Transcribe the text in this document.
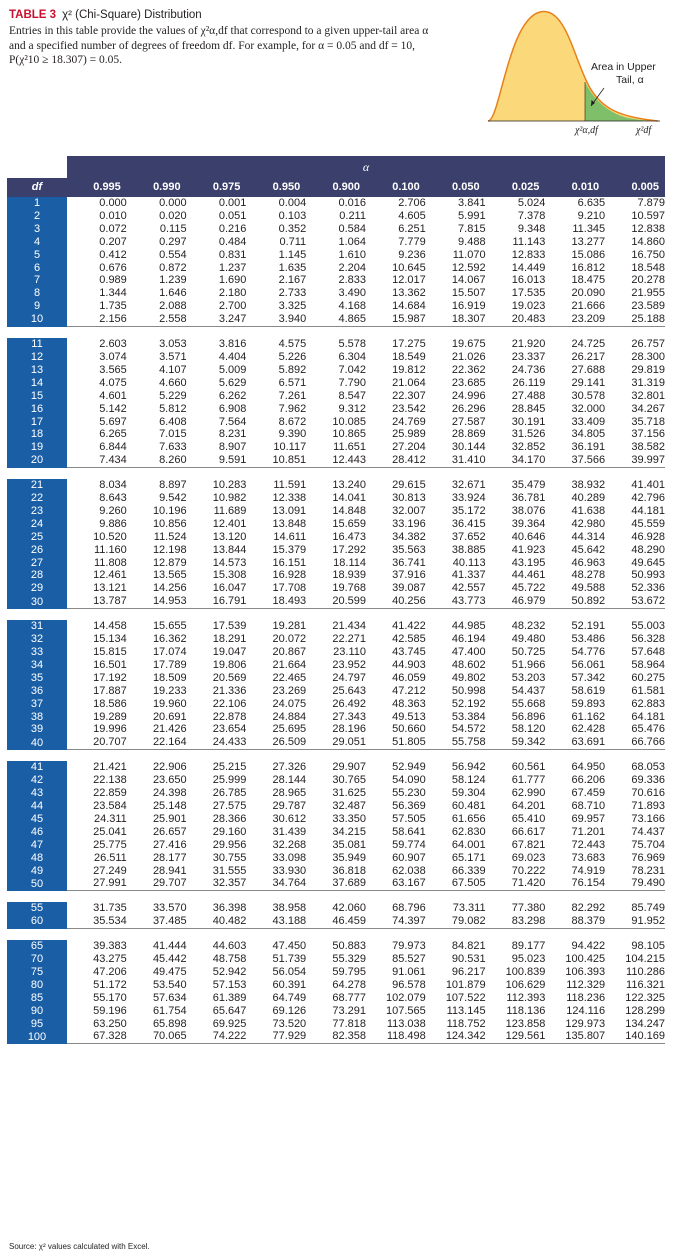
TABLE 3 χ² (Chi-Square) Distribution
Entries in this table provide the values of χ²α,df that correspond to a given upper-tail area α and a specified number of degrees of freedom df. For example, for α = 0.05 and df = 10, P(χ²10 ≥ 18.307) = 0.05.
Area in Upper
Tail, α
χ²α,df	χ²df
	α									
df	0.995	0.990	0.975	0.950	0.900	0.100	0.050	0.025	0.010	0.005
1	0.000	0.000	0.001	0.004	0.016	2.706	3.841	5.024	6.635	7.879
2	0.010	0.020	0.051	0.103	0.211	4.605	5.991	7.378	9.210	10.597
3	0.072	0.115	0.216	0.352	0.584	6.251	7.815	9.348	11.345	12.838
4	0.207	0.297	0.484	0.711	1.064	7.779	9.488	11.143	13.277	14.860
5	0.412	0.554	0.831	1.145	1.610	9.236	11.070	12.833	15.086	16.750
6	0.676	0.872	1.237	1.635	2.204	10.645	12.592	14.449	16.812	18.548
7	0.989	1.239	1.690	2.167	2.833	12.017	14.067	16.013	18.475	20.278
8	1.344	1.646	2.180	2.733	3.490	13.362	15.507	17.535	20.090	21.955
9	1.735	2.088	2.700	3.325	4.168	14.684	16.919	19.023	21.666	23.589
10	2.156	2.558	3.247	3.940	4.865	15.987	18.307	20.483	23.209	25.188

11	2.603	3.053	3.816	4.575	5.578	17.275	19.675	21.920	24.725	26.757
12	3.074	3.571	4.404	5.226	6.304	18.549	21.026	23.337	26.217	28.300
13	3.565	4.107	5.009	5.892	7.042	19.812	22.362	24.736	27.688	29.819
14	4.075	4.660	5.629	6.571	7.790	21.064	23.685	26.119	29.141	31.319
15	4.601	5.229	6.262	7.261	8.547	22.307	24.996	27.488	30.578	32.801
16	5.142	5.812	6.908	7.962	9.312	23.542	26.296	28.845	32.000	34.267
17	5.697	6.408	7.564	8.672	10.085	24.769	27.587	30.191	33.409	35.718
18	6.265	7.015	8.231	9.390	10.865	25.989	28.869	31.526	34.805	37.156
19	6.844	7.633	8.907	10.117	11.651	27.204	30.144	32.852	36.191	38.582
20	7.434	8.260	9.591	10.851	12.443	28.412	31.410	34.170	37.566	39.997

21	8.034	8.897	10.283	11.591	13.240	29.615	32.671	35.479	38.932	41.401
22	8.643	9.542	10.982	12.338	14.041	30.813	33.924	36.781	40.289	42.796
23	9.260	10.196	11.689	13.091	14.848	32.007	35.172	38.076	41.638	44.181
24	9.886	10.856	12.401	13.848	15.659	33.196	36.415	39.364	42.980	45.559
25	10.520	11.524	13.120	14.611	16.473	34.382	37.652	40.646	44.314	46.928
26	11.160	12.198	13.844	15.379	17.292	35.563	38.885	41.923	45.642	48.290
27	11.808	12.879	14.573	16.151	18.114	36.741	40.113	43.195	46.963	49.645
28	12.461	13.565	15.308	16.928	18.939	37.916	41.337	44.461	48.278	50.993
29	13.121	14.256	16.047	17.708	19.768	39.087	42.557	45.722	49.588	52.336
30	13.787	14.953	16.791	18.493	20.599	40.256	43.773	46.979	50.892	53.672

31	14.458	15.655	17.539	19.281	21.434	41.422	44.985	48.232	52.191	55.003
32	15.134	16.362	18.291	20.072	22.271	42.585	46.194	49.480	53.486	56.328
33	15.815	17.074	19.047	20.867	23.110	43.745	47.400	50.725	54.776	57.648
34	16.501	17.789	19.806	21.664	23.952	44.903	48.602	51.966	56.061	58.964
35	17.192	18.509	20.569	22.465	24.797	46.059	49.802	53.203	57.342	60.275
36	17.887	19.233	21.336	23.269	25.643	47.212	50.998	54.437	58.619	61.581
37	18.586	19.960	22.106	24.075	26.492	48.363	52.192	55.668	59.893	62.883
38	19.289	20.691	22.878	24.884	27.343	49.513	53.384	56.896	61.162	64.181
39	19.996	21.426	23.654	25.695	28.196	50.660	54.572	58.120	62.428	65.476
40	20.707	22.164	24.433	26.509	29.051	51.805	55.758	59.342	63.691	66.766

41	21.421	22.906	25.215	27.326	29.907	52.949	56.942	60.561	64.950	68.053
42	22.138	23.650	25.999	28.144	30.765	54.090	58.124	61.777	66.206	69.336
43	22.859	24.398	26.785	28.965	31.625	55.230	59.304	62.990	67.459	70.616
44	23.584	25.148	27.575	29.787	32.487	56.369	60.481	64.201	68.710	71.893
45	24.311	25.901	28.366	30.612	33.350	57.505	61.656	65.410	69.957	73.166
46	25.041	26.657	29.160	31.439	34.215	58.641	62.830	66.617	71.201	74.437
47	25.775	27.416	29.956	32.268	35.081	59.774	64.001	67.821	72.443	75.704
48	26.511	28.177	30.755	33.098	35.949	60.907	65.171	69.023	73.683	76.969
49	27.249	28.941	31.555	33.930	36.818	62.038	66.339	70.222	74.919	78.231
50	27.991	29.707	32.357	34.764	37.689	63.167	67.505	71.420	76.154	79.490

55	31.735	33.570	36.398	38.958	42.060	68.796	73.311	77.380	82.292	85.749
60	35.534	37.485	40.482	43.188	46.459	74.397	79.082	83.298	88.379	91.952

65	39.383	41.444	44.603	47.450	50.883	79.973	84.821	89.177	94.422	98.105
70	43.275	45.442	48.758	51.739	55.329	85.527	90.531	95.023	100.425	104.215
75	47.206	49.475	52.942	56.054	59.795	91.061	96.217	100.839	106.393	110.286
80	51.172	53.540	57.153	60.391	64.278	96.578	101.879	106.629	112.329	116.321
85	55.170	57.634	61.389	64.749	68.777	102.079	107.522	112.393	118.236	122.325
90	59.196	61.754	65.647	69.126	73.291	107.565	113.145	118.136	124.116	128.299
95	63.250	65.898	69.925	73.520	77.818	113.038	118.752	123.858	129.973	134.247
100	67.328	70.065	74.222	77.929	82.358	118.498	124.342	129.561	135.807	140.169
Source: χ² values calculated with Excel.
